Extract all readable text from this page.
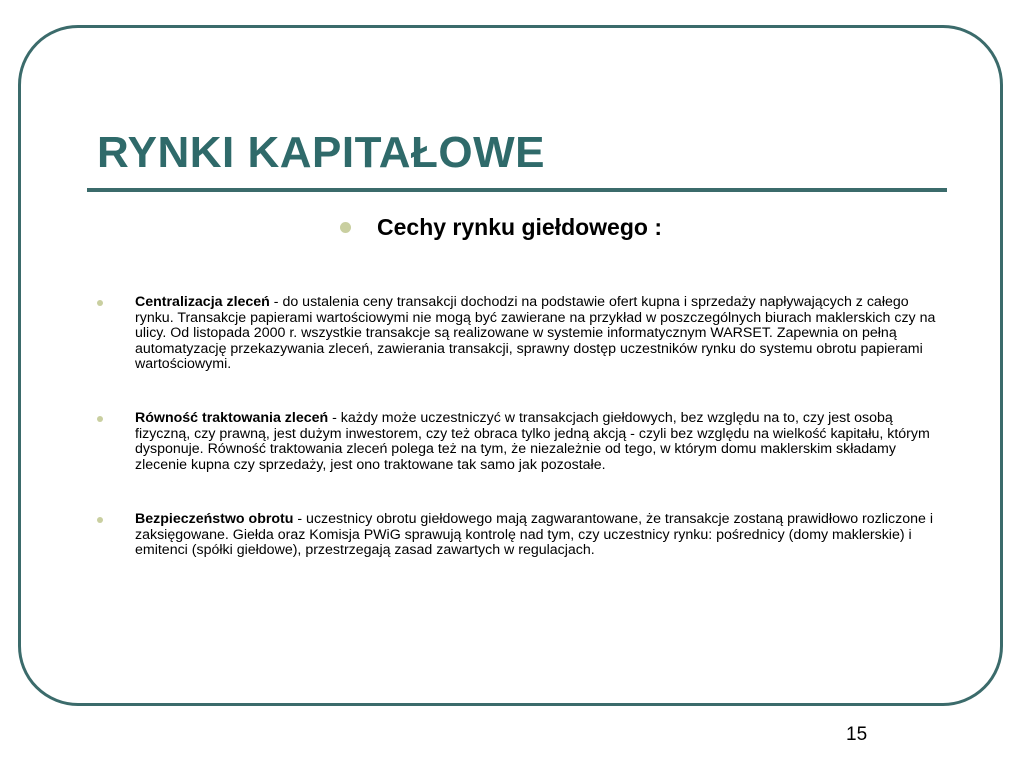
RYNKI KAPITAŁOWE
Cechy rynku giełdowego :
Centralizacja zleceń - do ustalenia ceny transakcji dochodzi na podstawie ofert kupna i sprzedaży napływających z całego rynku. Transakcje papierami wartościowymi nie mogą być zawierane na przykład w poszczególnych biurach maklerskich czy na ulicy. Od listopada 2000 r. wszystkie transakcje są realizowane w systemie informatycznym WARSET. Zapewnia on pełną automatyzację przekazywania zleceń, zawierania transakcji, sprawny dostęp uczestników rynku do systemu obrotu papierami wartościowymi.
Równość traktowania zleceń - każdy może uczestniczyć w transakcjach giełdowych, bez względu na to, czy jest osobą fizyczną, czy prawną, jest dużym inwestorem, czy też obraca tylko jedną akcją - czyli bez względu na wielkość kapitału, którym dysponuje. Równość traktowania zleceń polega też na tym, że niezależnie od tego, w którym domu maklerskim składamy zlecenie kupna czy sprzedaży, jest ono traktowane tak samo jak pozostałe.
Bezpieczeństwo obrotu - uczestnicy obrotu giełdowego mają zagwarantowane, że transakcje zostaną prawidłowo rozliczone i zaksięgowane. Giełda oraz Komisja PWiG sprawują kontrolę nad tym, czy uczestnicy rynku: pośrednicy (domy maklerskie) i emitenci (spółki giełdowe), przestrzegają zasad zawartych w regulacjach.
15
